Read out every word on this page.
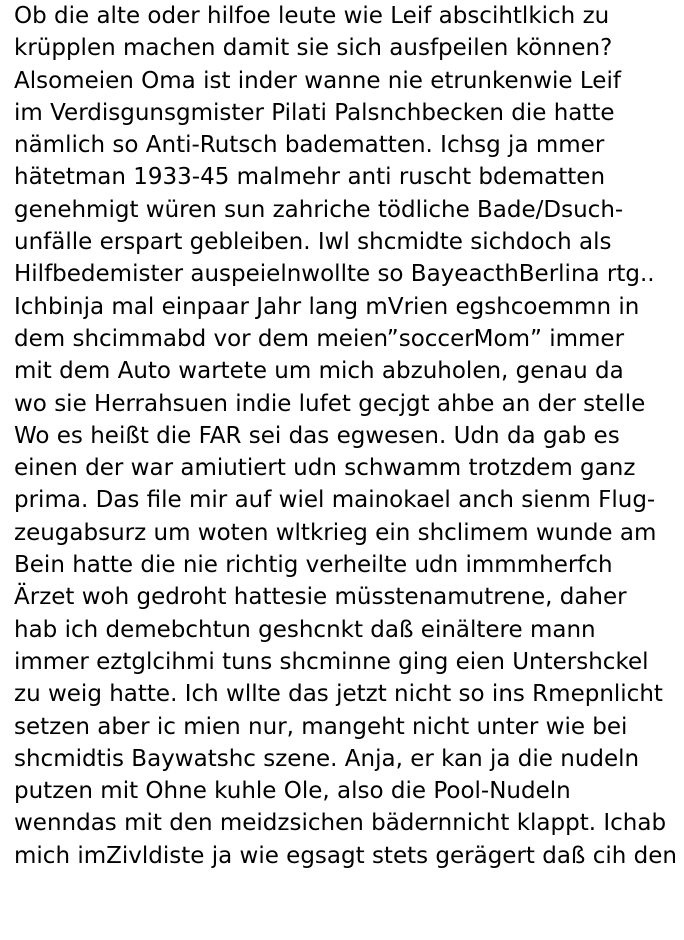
Ob die alte oder hilfoe leute wie Leif abscihtlkich zu
krüpplen machen damit sie sich ausfpeilen können?
Alsomeien Oma ist inder wanne nie etrunkenwie Leif
im Verdisgunsgmister Pilati Palsnchbecken die hatte
nämlich so Anti-Rutsch badematten. Ichsg ja mmer
hätetman 1933-45 malmehr anti ruscht bdematten
genehmigt würen sun zahriche tödliche Bade/Dsuch-
unfälle erspart gebleiben. Iwl shcmidte sichdoch als
Hilfbedemister auspeielnwollte so BayeacthBerlina rtg..
Ichbinja mal einpaar Jahr lang mVrien egshcoemmn in
dem shcimmabd vor dem meien”soccerMom” immer
mit dem Auto wartete um mich abzuholen, genau da
wo sie Herrahsuen indie lufet gecjgt ahbe an der stelle
Wo es heißt die FAR sei das egwesen. Udn da gab es
einen der war amiutiert udn schwamm trotzdem ganz
prima. Das file mir auf wiel mainokael anch sienm Flug-
zeugabsurz um woten wltkrieg ein shclimem wunde am
Bein hatte die nie richtig verheilte udn immmherfch
Ärzet woh gedroht hattesie müsstenamutrene, daher
hab ich demebchtun geshcnkt daß einältere mann
immer eztglcihmi tuns shcminne ging eien Untershckel
zu weig hatte. Ich wllte das jetzt nicht so ins Rmepnlicht
setzen aber ic mien nur, mangeht nicht unter wie bei
shcmidtis Baywatshc szene. Anja, er kan ja die nudeln
putzen mit Ohne kuhle Ole, also die Pool-Nudeln
wenndas mit den meidzsichen bädernnicht klappt. Ichab
mich imZivldiste ja wie egsagt stets gerägert daß cih den
